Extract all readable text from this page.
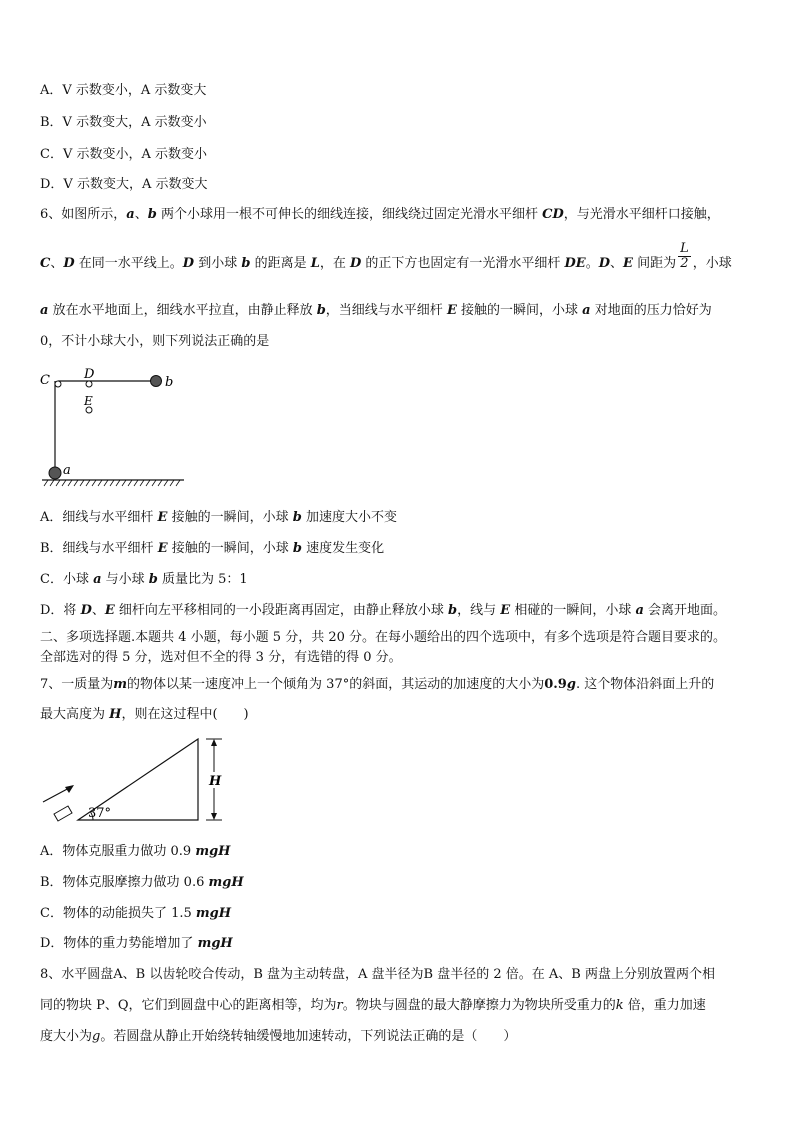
A．V 示数变小，A 示数变大
B．V 示数变大，A 示数变小
C．V 示数变小，A 示数变小
D．V 示数变大，A 示数变大
6、如图所示，a、b 两个小球用一根不可伸长的细线连接，细线绕过固定光滑水平细杆 CD，与光滑水平细杆口接触，
C、D 在同一水平线上。D 到小球 b 的距离是 L，在 D 的正下方也固定有一光滑水平细杆 DE。D、E 间距为 $\frac{L}{2}$ ，小球
a 放在水平地面上，细线水平拉直，由静止释放 b，当细线与水平细杆 E 接触的一瞬间，小球 a 对地面的压力恰好为
0，不计小球大小，则下列说法正确的是
C	D
E
b
a
A．细线与水平细杆 E 接触的一瞬间，小球 b 加速度大小不变
B．细线与水平细杆 E 接触的一瞬间，小球 b 速度发生变化
C．小球 a 与小球 b 质量比为 5：1
D．将 D、E 细杆向左平移相同的一小段距离再固定，由静止释放小球 b，线与 E 相碰的一瞬间，小球 a 会离开地面。
二、多项选择题.本题共 4 小题，每小题 5 分，共 20 分。在每小题给出的四个选项中，有多个选项是符合题目要求的。
全部选对的得 5 分，选对但不全的得 3 分，有选错的得 0 分。
7、一质量为m的物体以某一速度冲上一个倾角为 37°的斜面，其运动的加速度的大小为0.9g. 这个物体沿斜面上升的
最大高度为 H，则在这过程中(　　)
H
37°
A．物体克服重力做功 0.9 mgH
B．物体克服摩擦力做功 0.6 mgH
C．物体的动能损失了 1.5 mgH
D．物体的重力势能增加了 mgH
8、水平圆盘A、B 以齿轮咬合传动，B 盘为主动转盘，A 盘半径为B 盘半径的 2 倍。在 A、B 两盘上分别放置两个相
同的物块 P、Q，它们到圆盘中心的距离相等，均为r。物块与圆盘的最大静摩擦力为物块所受重力的k 倍，重力加速
度大小为g。若圆盘从静止开始绕转轴缓慢地加速转动，下列说法正确的是（　　）
